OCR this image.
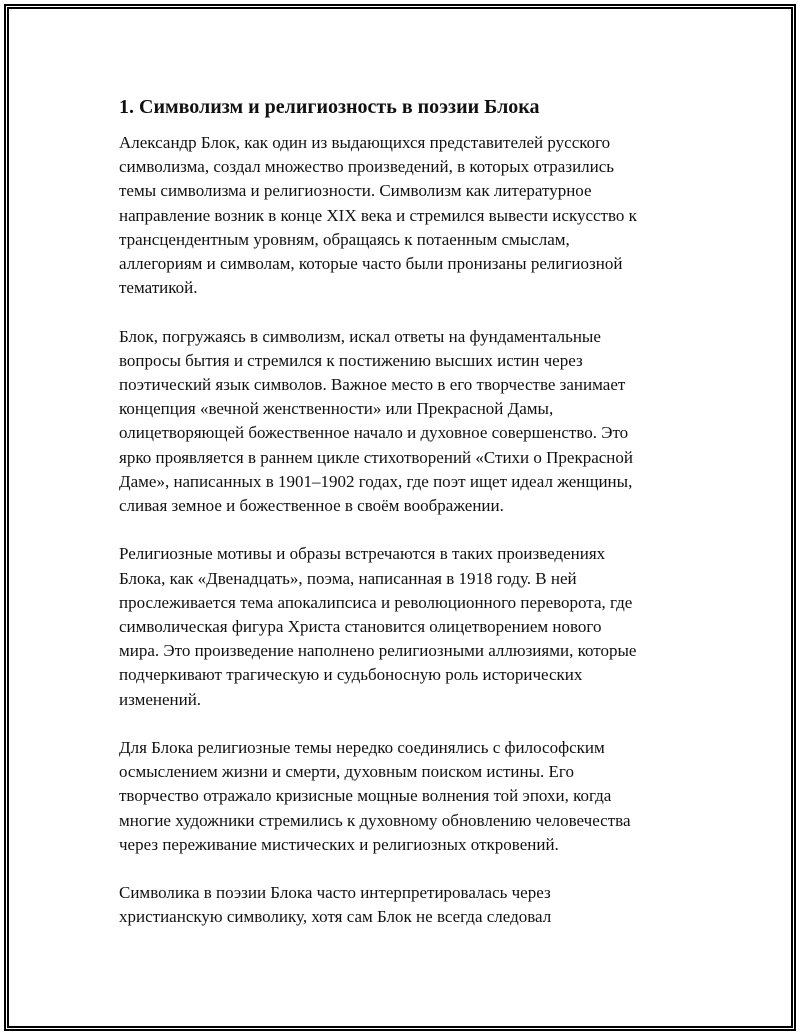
1. Символизм и религиозность в поэзии Блока
Александр Блок, как один из выдающихся представителей русского
символизма, создал множество произведений, в которых отразились
темы символизма и религиозности. Символизм как литературное
направление возник в конце XIX века и стремился вывести искусство к
трансцендентным уровням, обращаясь к потаенным смыслам,
аллегориям и символам, которые часто были пронизаны религиозной
тематикой.
Блок, погружаясь в символизм, искал ответы на фундаментальные
вопросы бытия и стремился к постижению высших истин через
поэтический язык символов. Важное место в его творчестве занимает
концепция «вечной женственности» или Прекрасной Дамы,
олицетворяющей божественное начало и духовное совершенство. Это
ярко проявляется в раннем цикле стихотворений «Стихи о Прекрасной
Даме», написанных в 1901–1902 годах, где поэт ищет идеал женщины,
сливая земное и божественное в своём воображении.
Религиозные мотивы и образы встречаются в таких произведениях
Блока, как «Двенадцать», поэма, написанная в 1918 году. В ней
прослеживается тема апокалипсиса и революционного переворота, где
символическая фигура Христа становится олицетворением нового
мира. Это произведение наполнено религиозными аллюзиями, которые
подчеркивают трагическую и судьбоносную роль исторических
изменений.
Для Блока религиозные темы нередко соединялись с философским
осмыслением жизни и смерти, духовным поиском истины. Его
творчество отражало кризисные мощные волнения той эпохи, когда
многие художники стремились к духовному обновлению человечества
через переживание мистических и религиозных откровений.
Символика в поэзии Блока часто интерпретировалась через
христианскую символику, хотя сам Блок не всегда следовал
